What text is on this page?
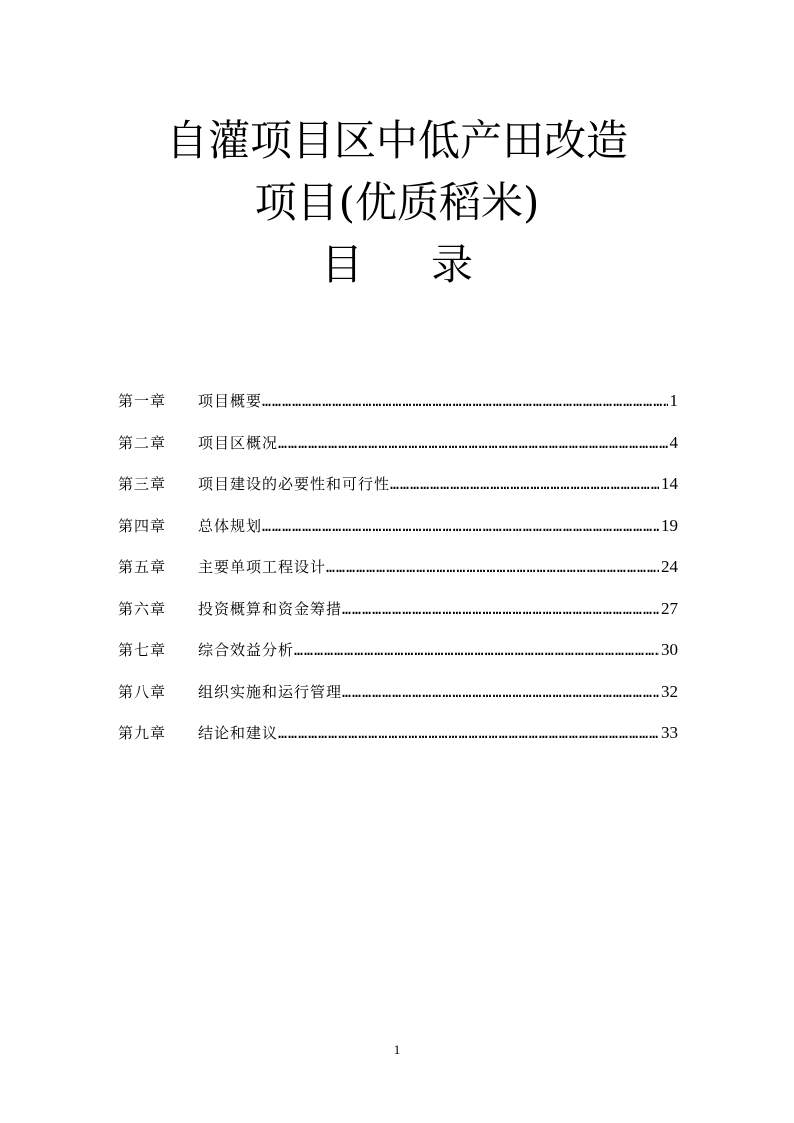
自灌项目区中低产田改造
项目(优质稻米)
目录
第一章	项目概要 ……………………………………………………………………………………………………………………………………………………………………………………	1
第二章	项目区概况 ……………………………………………………………………………………………………………………………………………………………………………………	4
第三章	项目建设的必要性和可行性 ……………………………………………………………………………………………………………………………………………………………………………………	14
第四章	总体规划 ……………………………………………………………………………………………………………………………………………………………………………………	19
第五章	主要单项工程设计 ……………………………………………………………………………………………………………………………………………………………………………………	24
第六章	投资概算和资金筹措 ……………………………………………………………………………………………………………………………………………………………………………………	27
第七章	综合效益分析 ……………………………………………………………………………………………………………………………………………………………………………………	30
第八章	组织实施和运行管理 ……………………………………………………………………………………………………………………………………………………………………………………	32
第九章	结论和建议 ……………………………………………………………………………………………………………………………………………………………………………………	33
1
